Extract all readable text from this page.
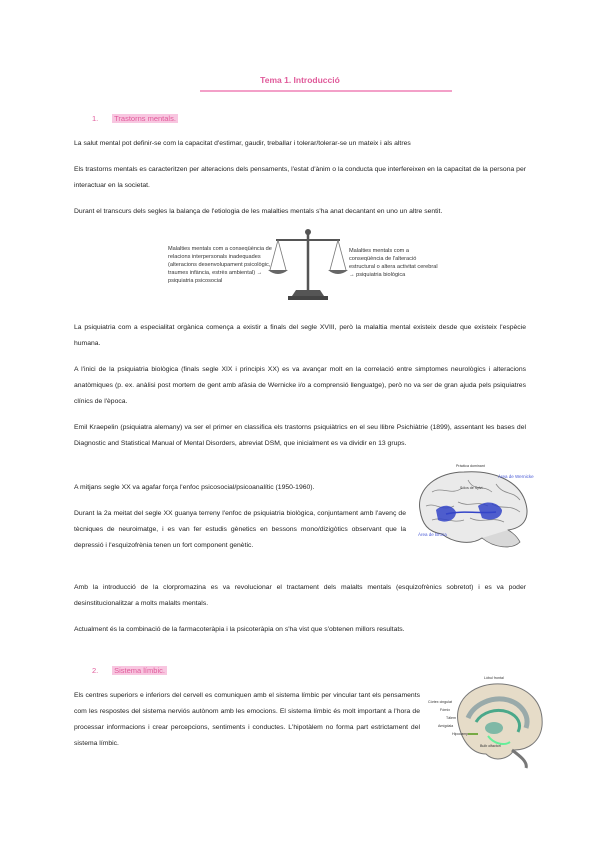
Tema 1. Introducció
1. Trastorns mentals.
La salut mental pot definir-se com la capacitat d'estimar, gaudir, treballar i tolerar/tolerar-se un mateix i als altres
Els trastorns mentals es caracteritzen per alteracions dels pensaments, l'estat d'ànim o la conducta que interfereixen en la capacitat de la persona per interactuar en la societat.
Durant el transcurs dels segles la balança de l'etiologia de les malalties mentals s'ha anat decantant en uno un altre sentit.
Malalties mentals com a conseqüència de relacions interpersonals inadequades (alteracions desenvolupament psicològic, traumes infància, estrès ambiental) → psiquiatria psicosocial
Malalties mentals com a conseqüència de l'alteració estructural o altera activitat cerebral → psiquiatria biològica
La psiquiatria com a especialitat orgànica comença a existir a finals del segle XVIII, però la malaltia mental existeix desde que existeix l'espècie humana.
A l'inici de la psiquiatria biològica (finals segle XIX i principis XX) es va avançar molt en la correlació entre simptomes neurològics i alteracions anatòmiques (p. ex. anàlisi post mortem de gent amb afàsia de Wernicke i/o a comprensió llenguatge), però no va ser de gran ajuda pels psiquiatres clínics de l'època.
Emil Kraepelin (psiquiatra alemany) va ser el primer en classifica els trastorns psiquiàtrics en el seu llibre Psichiàtrie (1899), assentant les bases del Diagnostic and Statistical Manual of Mental Disorders, abreviat DSM, que inicialment es va dividir en 13 grups.
A mitjans segle XX va agafar força l'enfoc psicosocial/psicoanalític (1950-1960).
Durant la 2a meitat del segle XX guanya terreny l'enfoc de psiquiatria biològica, conjuntament amb l'avenç de tècniques de neuroimatge, i es van fer estudis gènetics en bessons mono/dizigòtics observant que la depressió i l'esquizofrènia tenen un fort component genètic.
Pràctica dominant
Àrea de Wernicke
Àrea de Broca
Sòlcs de Sylvi
Amb la introducció de la clorpromazina es va revolucionar el tractament dels malalts mentals (esquizofrènics sobretot) i es va poder desinstitucionalitzar a molts malalts mentals.
Actualment és la combinació de la farmacoteràpia i la psicoteràpia on s'ha vist que s'obtenen millors resultats.
2. Sistema límbic.
Els centres superiors e inferiors del cervell es comuniquen amb el sistema límbic per vincular tant els pensaments com les respostes del sistema nerviós autònom amb les emocions. El sistema límbic és molt important a l'hora de processar informacions i crear percepcions, sentiments i conductes. L'hipotàlem no forma part estrictament del sistema límbic.
Lòbul frontal
Còrtex cingulat
Fòrnix
Tàlem
Amígdala
Hipocamp
Bulb olfactori
